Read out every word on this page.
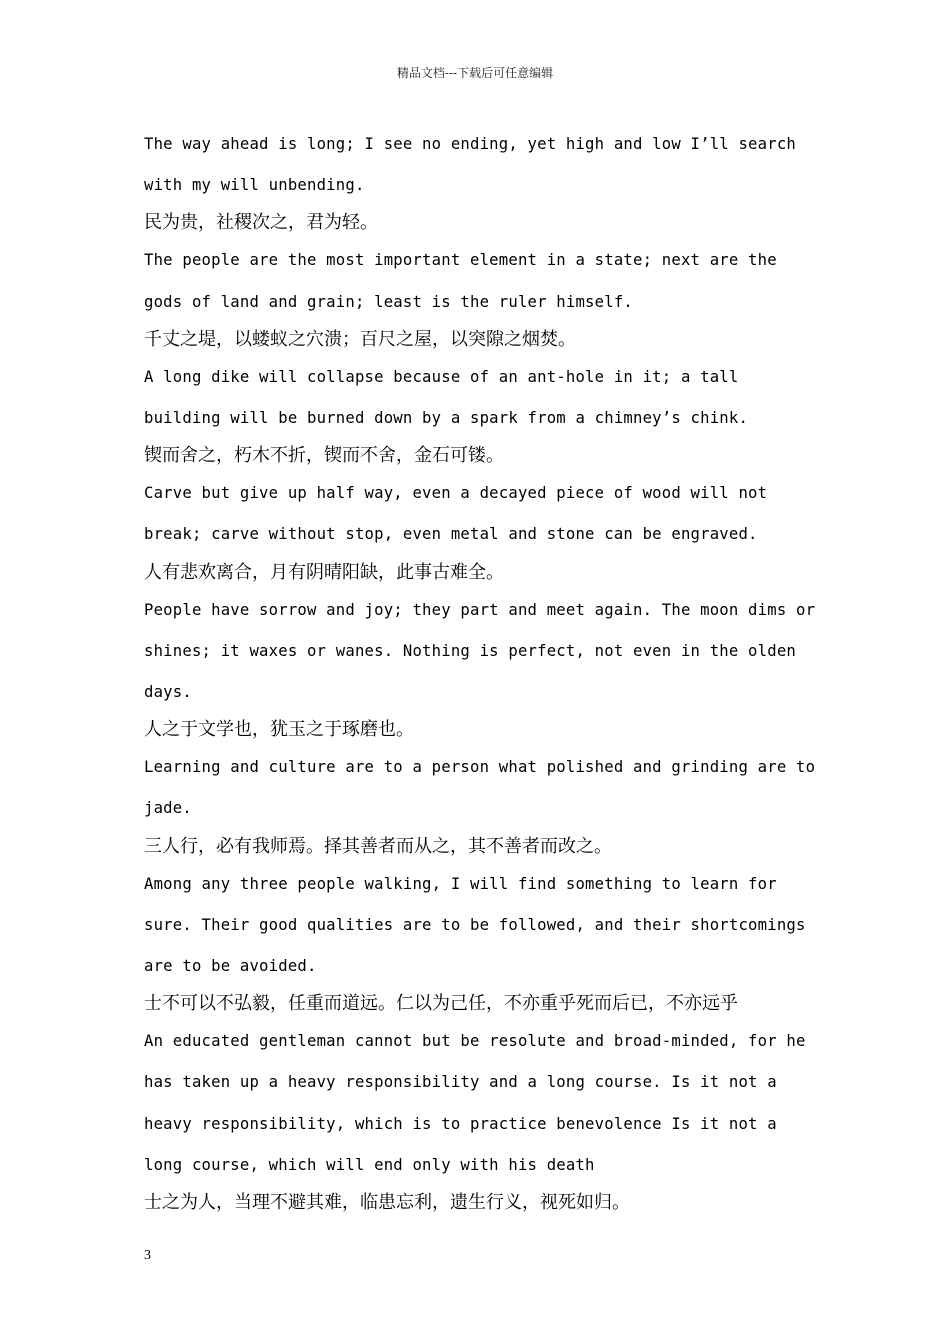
精品文档---下载后可任意编辑

The way ahead is long; I see no ending, yet high and low I’ll search with my will unbending.

民为贵，社稷次之，君为轻。

The people are the most important element in a state; next are the gods of land and grain; least is the ruler himself.

千丈之堤，以蝼蚁之穴溃；百尺之屋，以突隙之烟焚。

A long dike will collapse because of an ant-hole in it; a tall building will be burned down by a spark from a chimney’s chink.

锲而舍之，朽木不折，锲而不舍，金石可镂。

Carve but give up half way, even a decayed piece of wood will not break; carve without stop, even metal and stone can be engraved.

人有悲欢离合，月有阴晴阳缺，此事古难全。

People have sorrow and joy; they part and meet again. The moon dims or shines; it waxes or wanes. Nothing is perfect, not even in the olden days.

人之于文学也，犹玉之于琢磨也。

Learning and culture are to a person what polished and grinding are to jade.

三人行，必有我师焉。择其善者而从之，其不善者而改之。

Among any three people walking, I will find something to learn for sure. Their good qualities are to be followed, and their shortcomings are to be avoided.

士不可以不弘毅，任重而道远。仁以为己任，不亦重乎死而后已，不亦远乎

An educated gentleman cannot but be resolute and broad-minded, for he has taken up a heavy responsibility and a long course. Is it not a heavy responsibility, which is to practice benevolence Is it not a long course, which will end only with his death

士之为人，当理不避其难，临患忘利，遗生行义，视死如归。

3
